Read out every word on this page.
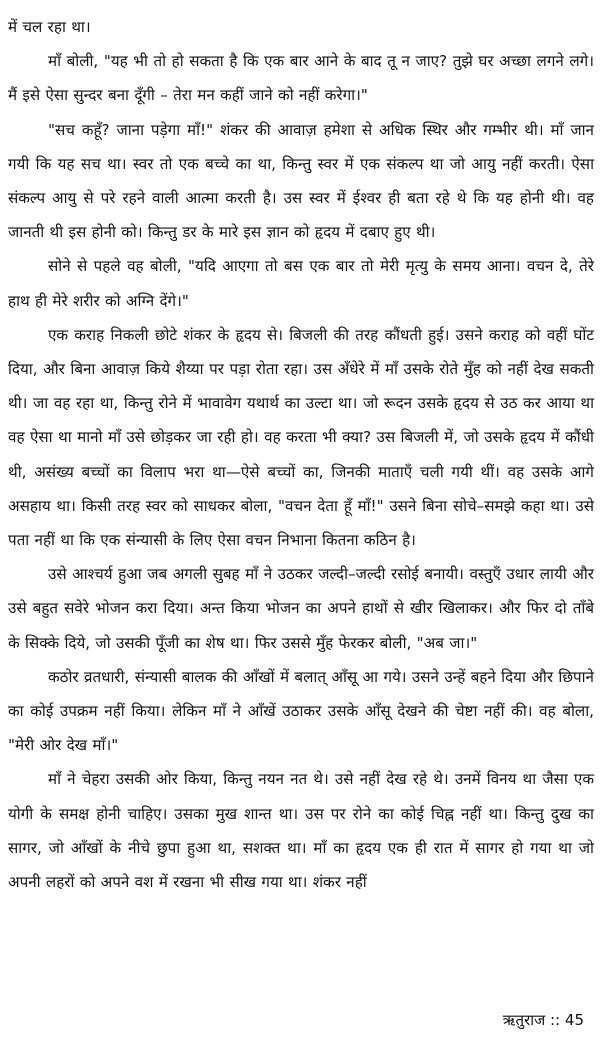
में चल रहा था।

माँ बोली, "यह भी तो हो सकता है कि एक बार आने के बाद तू न जाए? तुझे घर अच्छा लगने लगे। मैं इसे ऐसा सुन्दर बना दूँगी – तेरा मन कहीं जाने को नहीं करेगा।"

"सच कहूँ? जाना पड़ेगा माँ!" शंकर की आवाज़ हमेशा से अधिक स्थिर और गम्भीर थी। माँ जान गयी कि यह सच था। स्वर तो एक बच्चे का था, किन्तु स्वर में एक संकल्प था जो आयु नहीं करती। ऐसा संकल्प आयु से परे रहने वाली आत्मा करती है। उस स्वर में ईश्वर ही बता रहे थे कि यह होनी थी। वह जानती थी इस होनी को। किन्तु डर के मारे इस ज्ञान को हृदय में दबाए हुए थी।

सोने से पहले वह बोली, "यदि आएगा तो बस एक बार तो मेरी मृत्यु के समय आना। वचन दे, तेरे हाथ ही मेरे शरीर को अग्नि देंगे।"

एक कराह निकली छोटे शंकर के हृदय से। बिजली की तरह कौंधती हुई। उसने कराह को वहीं घोंट दिया, और बिना आवाज़ किये शैय्या पर पड़ा रोता रहा। उस अँधेरे में माँ उसके रोते मुँह को नहीं देख सकती थी। जा वह रहा था, किन्तु रोने में भावावेग यथार्थ का उल्टा था। जो रूदन उसके हृदय से उठ कर आया था वह ऐसा था मानो माँ उसे छोड़कर जा रही हो। वह करता भी क्या? उस बिजली में, जो उसके हृदय में कौंधी थी, असंख्य बच्चों का विलाप भरा था—ऐसे बच्चों का, जिनकी माताएँ चली गयी थीं। वह उसके आगे असहाय था। किसी तरह स्वर को साधकर बोला, "वचन देता हूँ माँ!" उसने बिना सोचे–समझे कहा था। उसे पता नहीं था कि एक संन्यासी के लिए ऐसा वचन निभाना कितना कठिन है।

उसे आश्चर्य हुआ जब अगली सुबह माँ ने उठकर जल्दी–जल्दी रसोई बनायी। वस्तुएँ उधार लायी और उसे बहुत सवेरे भोजन करा दिया। अन्त किया भोजन का अपने हाथों से खीर खिलाकर। और फिर दो ताँबे के सिक्के दिये, जो उसकी पूँजी का शेष था। फिर उससे मुँह फेरकर बोली, "अब जा।"

कठोर व्रतधारी, संन्यासी बालक की आँखों में बलात् आँसू आ गये। उसने उन्हें बहने दिया और छिपाने का कोई उपक्रम नहीं किया। लेकिन माँ ने आँखें उठाकर उसके आँसू देखने की चेष्टा नहीं की। वह बोला, "मेरी ओर देख माँ।"

माँ ने चेहरा उसकी ओर किया, किन्तु नयन नत थे। उसे नहीं देख रहे थे। उनमें विनय था जैसा एक योगी के समक्ष होनी चाहिए। उसका मुख शान्त था। उस पर रोने का कोई चिह्न नहीं था। किन्तु दुख का सागर, जो आँखों के नीचे छुपा हुआ था, सशक्त था। माँ का हृदय एक ही रात में सागर हो गया था जो अपनी लहरों को अपने वश में रखना भी सीख गया था। शंकर नहीं

ऋतुराज :: 45
